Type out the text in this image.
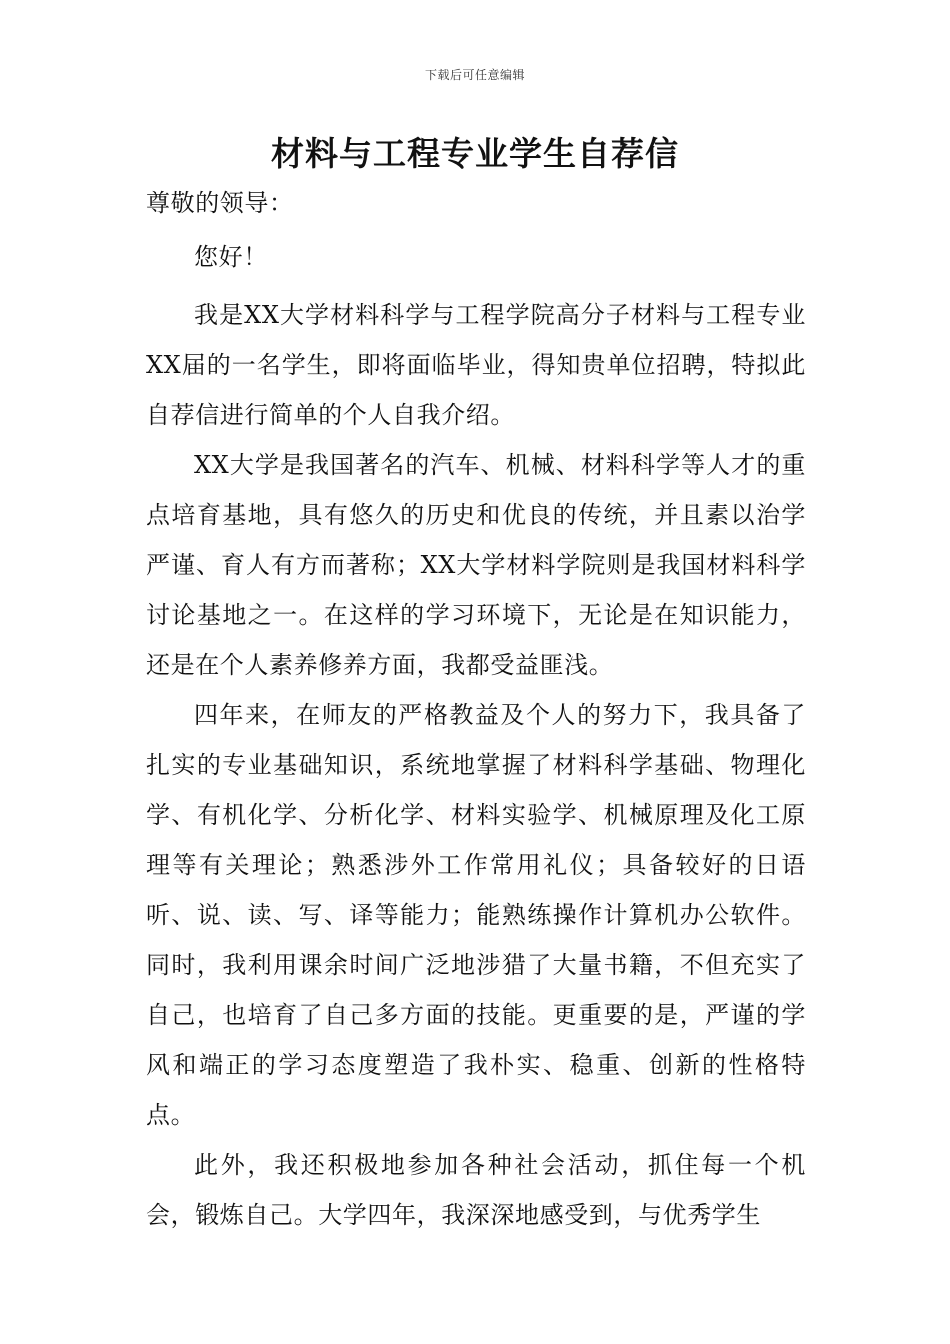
下载后可任意编辑
材料与工程专业学生自荐信

尊敬的领导：

您好！

我是XX大学材料科学与工程学院高分子材料与工程专业XX届的一名学生，即将面临毕业，得知贵单位招聘，特拟此自荐信进行简单的个人自我介绍。

XX大学是我国著名的汽车、机械、材料科学等人才的重点培育基地，具有悠久的历史和优良的传统，并且素以治学严谨、育人有方而著称；XX大学材料学院则是我国材料科学讨论基地之一。在这样的学习环境下，无论是在知识能力，还是在个人素养修养方面，我都受益匪浅。

四年来，在师友的严格教益及个人的努力下，我具备了扎实的专业基础知识，系统地掌握了材料科学基础、物理化学、有机化学、分析化学、材料实验学、机械原理及化工原理等有关理论；熟悉涉外工作常用礼仪；具备较好的日语听、说、读、写、译等能力；能熟练操作计算机办公软件。同时，我利用课余时间广泛地涉猎了大量书籍，不但充实了自己，也培育了自己多方面的技能。更重要的是，严谨的学风和端正的学习态度塑造了我朴实、稳重、创新的性格特点。

此外，我还积极地参加各种社会活动，抓住每一个机会，锻炼自己。大学四年，我深深地感受到，与优秀学生
